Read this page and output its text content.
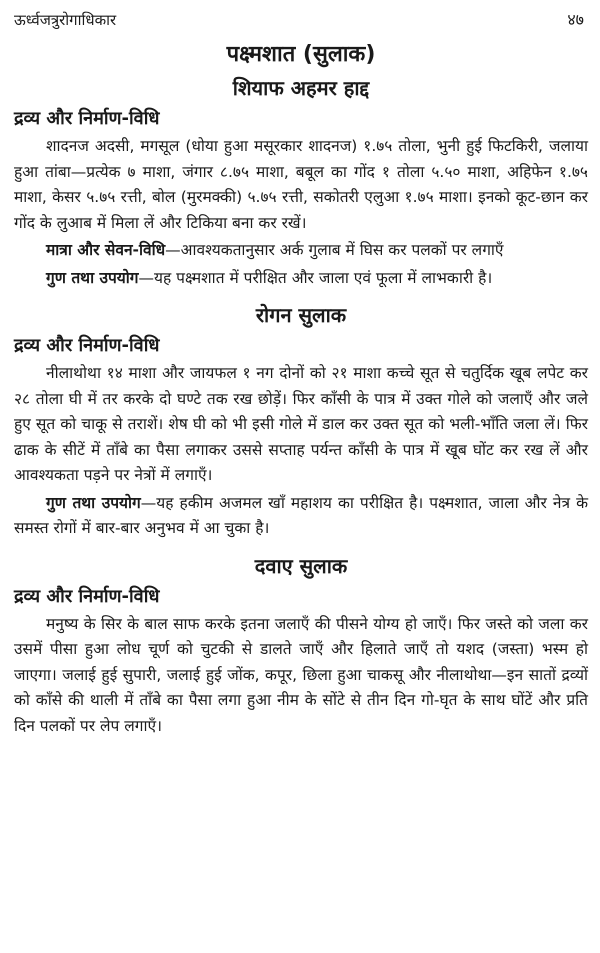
ऊर्ध्वजत्रुरोगाधिकार	४७
पक्ष्मशात (सुलाक)
शियाफ अहमर हाद्द
द्रव्य और निर्माण-विधि

शादनज अदसी, मगसूल (धोया हुआ मसूरकार शादनज) १.७५ तोला, भुनी हुई फिटकिरी, जलाया हुआ तांबा—प्रत्येक ७ माशा, जंगार ८.७५ माशा, बबूल का गोंद १ तोला ५.५० माशा, अहिफेन १.७५ माशा, केसर ५.७५ रत्ती, बोल (मुरमक्की) ५.७५ रत्ती, सकोतरी एलुआ १.७५ माशा। इनको कूट-छान कर गोंद के लुआब में मिला लें और टिकिया बना कर रखें।

मात्रा और सेवन-विधि—आवश्यकतानुसार अर्क गुलाब में घिस कर पलकों पर लगाएँ

गुण तथा उपयोग—यह पक्ष्मशात में परीक्षित और जाला एवं फूला में लाभकारी है।

रोगन सुलाक
द्रव्य और निर्माण-विधि

नीलाथोथा १४ माशा और जायफल १ नग दोनों को २१ माशा कच्चे सूत से चतुर्दिक खूब लपेट कर २८ तोला घी में तर करके दो घण्टे तक रख छोड़ें। फिर काँसी के पात्र में उक्त गोले को जलाएँ और जले हुए सूत को चाकू से तराशें। शेष घी को भी इसी गोले में डाल कर उक्त सूत को भली-भाँति जला लें। फिर ढाक के सीटें में ताँबे का पैसा लगाकर उससे सप्ताह पर्यन्त काँसी के पात्र में खूब घोंट कर रख लें और आवश्यकता पड़ने पर नेत्रों में लगाएँ।

गुण तथा उपयोग—यह हकीम अजमल खाँ महाशय का परीक्षित है। पक्ष्मशात, जाला और नेत्र के समस्त रोगों में बार-बार अनुभव में आ चुका है।

दवाए सुलाक
द्रव्य और निर्माण-विधि

मनुष्य के सिर के बाल साफ करके इतना जलाएँ की पीसने योग्य हो जाएँ। फिर जस्ते को जला कर उसमें पीसा हुआ लोध चूर्ण को चुटकी से डालते जाएँ और हिलाते जाएँ तो यशद (जस्ता) भस्म हो जाएगा। जलाई हुई सुपारी, जलाई हुई जोंक, कपूर, छिला हुआ चाकसू और नीलाथोथा—इन सातों द्रव्यों को काँसे की थाली में ताँबे का पैसा लगा हुआ नीम के सोंटे से तीन दिन गो-घृत के साथ घोंटें और प्रति दिन पलकों पर लेप लगाएँ।
